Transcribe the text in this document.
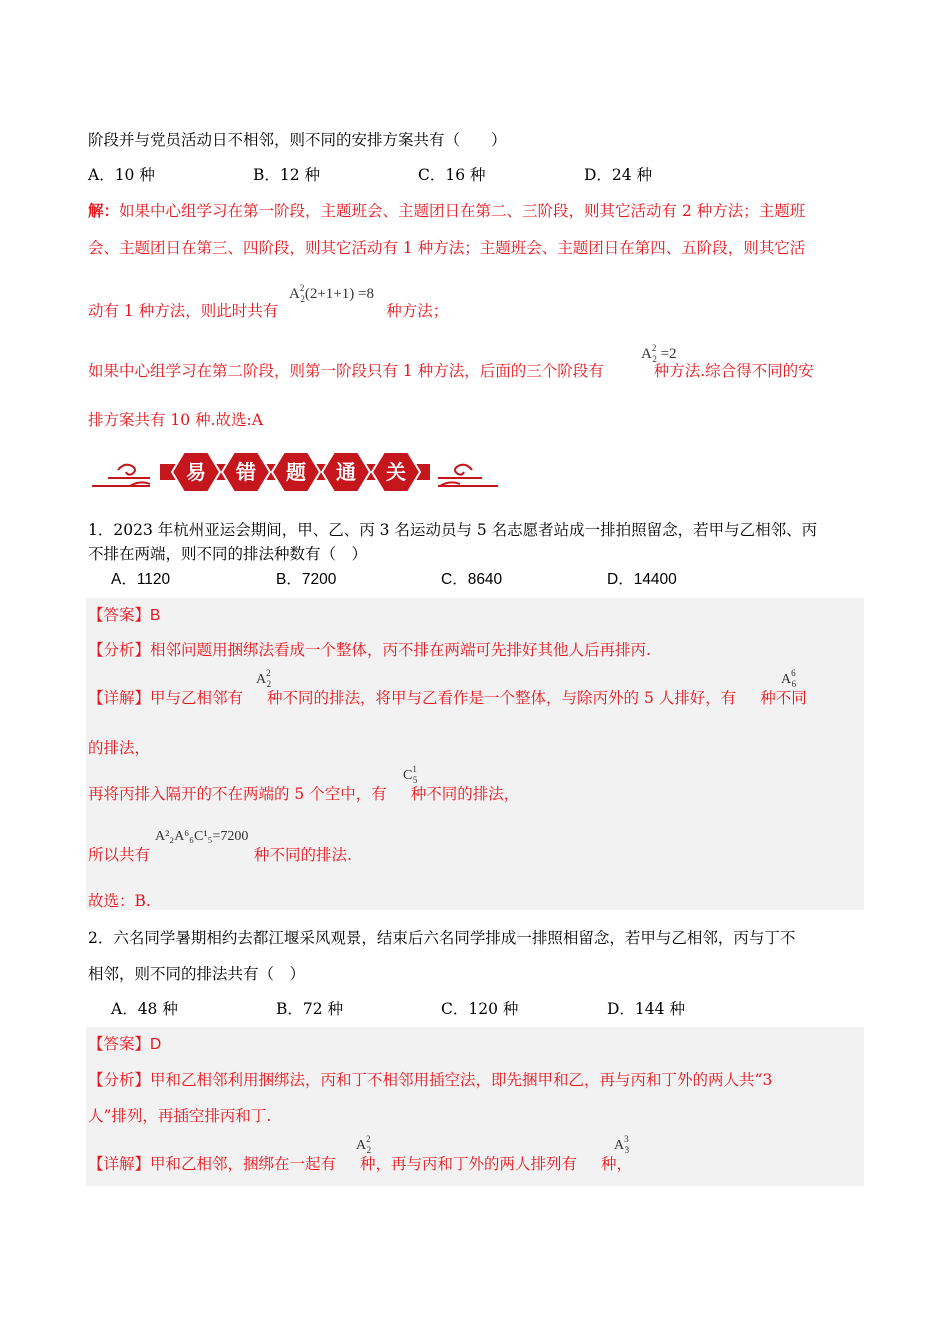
阶段并与党员活动日不相邻，则不同的安排方案共有（　　）
A．10 种	B．12 种	C．16 种	D．24 种
解：如果中心组学习在第一阶段，主题班会、主题团日在第二、三阶段，则其它活动有 2 种方法；主题班
会、主题团日在第三、四阶段，则其它活动有 1 种方法；主题班会、主题团日在第四、五阶段，则其它活
动有 1 种方法，则此时共有	种方法；
$A^2_2(2+1+1) =8$
如果中心组学习在第二阶段，则第一阶段只有 1 种方法，后面的三个阶段有	种方法.综合得不同的安
$A^2_2 =2$
排方案共有 10 种.故选:A
易 错 题 通 关
1．2023 年杭州亚运会期间，甲、乙、丙 3 名运动员与 5 名志愿者站成一排拍照留念，若甲与乙相邻、丙
不排在两端，则不同的排法种数有（　）
A．1120	B．7200	C．8640	D．14400
【答案】B
【分析】相邻问题用捆绑法看成一个整体，丙不排在两端可先排好其他人后再排丙.
【详解】甲与乙相邻有 种不同的排法，将甲与乙看作是一个整体，与除丙外的 5 人排好，有 种不同
$A^2_2$	$A^6_6$
的排法，
再将丙排入隔开的不在两端的 5 个空中，有 种不同的排法，
$C^1_5$
所以共有	种不同的排法.
A²₂A⁶₆C¹₅=7200
故选：B.
2．六名同学暑期相约去都江堰采风观景，结束后六名同学排成一排照相留念，若甲与乙相邻，丙与丁不
相邻，则不同的排法共有（　）
A．48 种	B．72 种	C．120 种	D．144 种
【答案】D
【分析】甲和乙相邻利用捆绑法，丙和丁不相邻用插空法，即先捆甲和乙，再与丙和丁外的两人共“3
人”排列，再插空排丙和丁.
【详解】甲和乙相邻，捆绑在一起有 种，再与丙和丁外的两人排列有 种，
$A^2_2$	$A^3_3$
